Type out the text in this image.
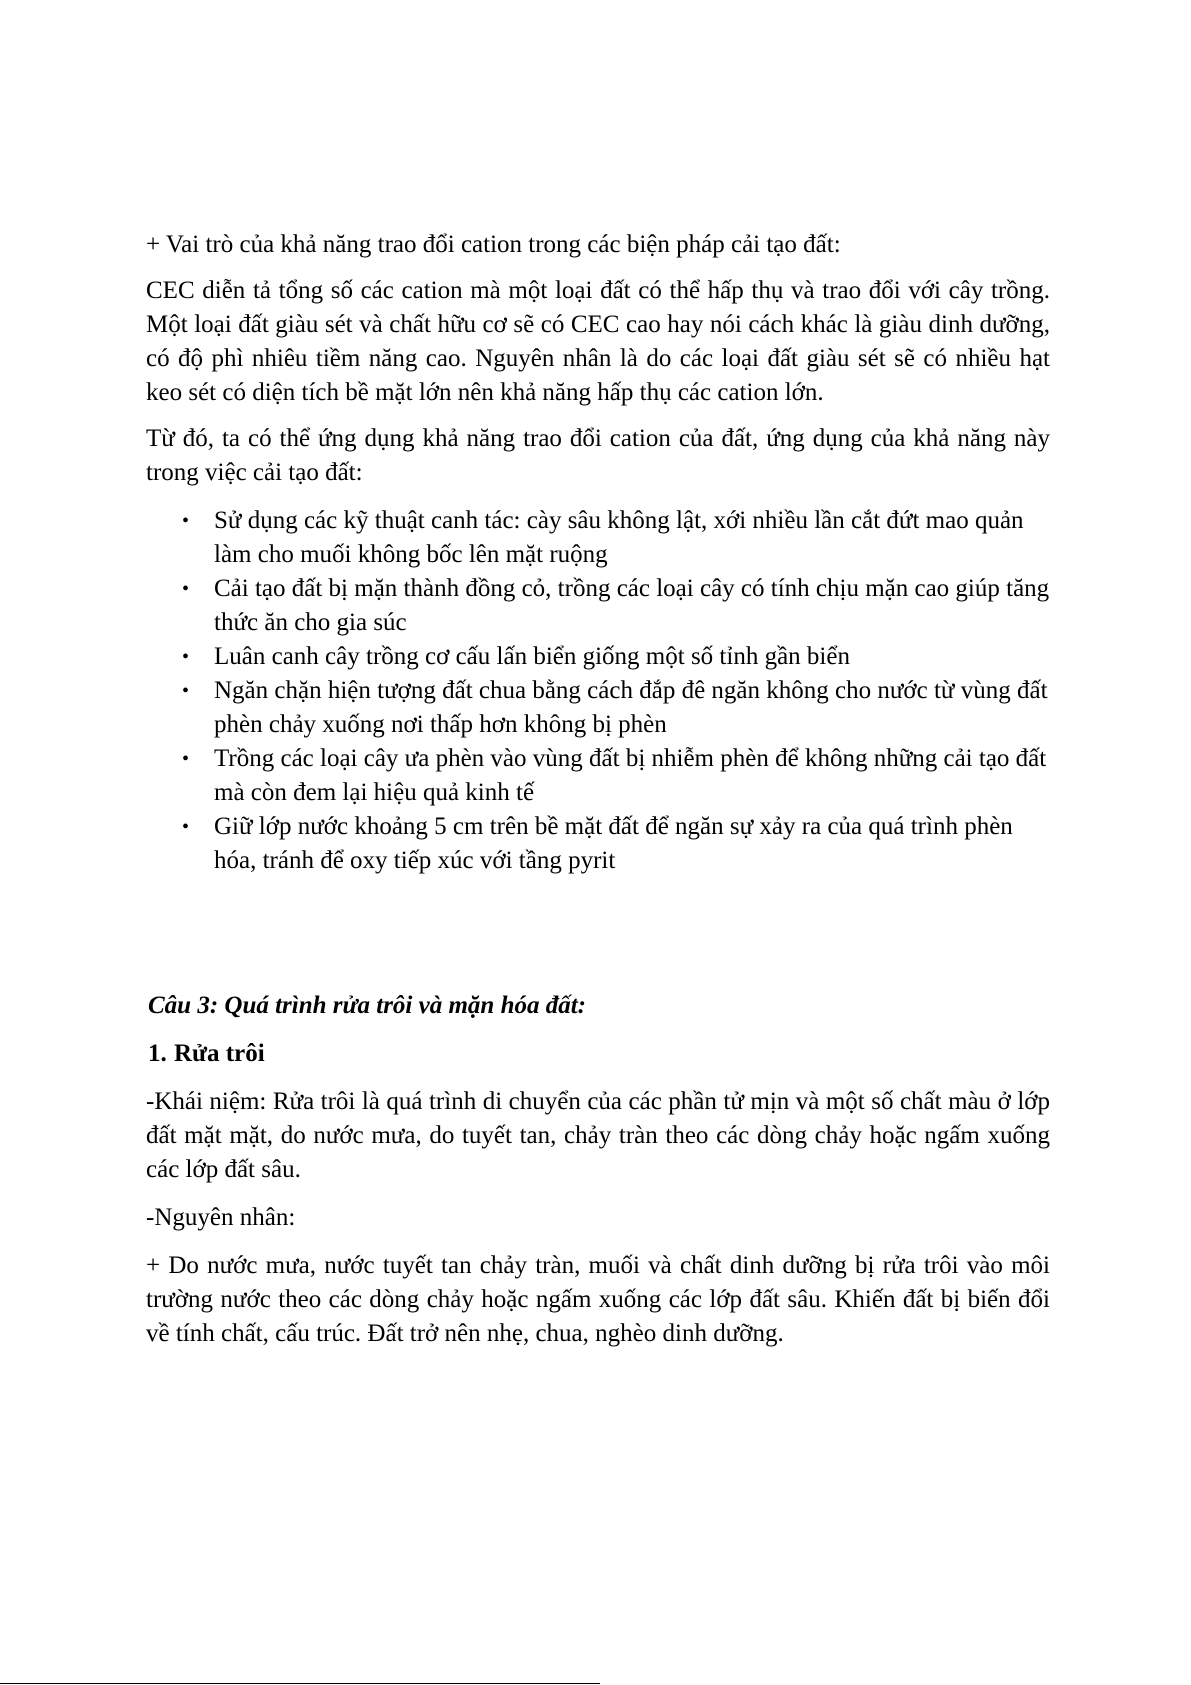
+ Vai trò của khả năng trao đổi cation trong các biện pháp cải tạo đất:

CEC diễn tả tổng số các cation mà một loại đất có thể hấp thụ và trao đổi với cây trồng. Một loại đất giàu sét và chất hữu cơ sẽ có CEC cao hay nói cách khác là giàu dinh dưỡng, có độ phì nhiêu tiềm năng cao. Nguyên nhân là do các loại đất giàu sét sẽ có nhiều hạt keo sét có diện tích bề mặt lớn nên khả năng hấp thụ các cation lớn.

Từ đó, ta có thể ứng dụng khả năng trao đổi cation của đất, ứng dụng của khả năng này trong việc cải tạo đất:

• Sử dụng các kỹ thuật canh tác: cày sâu không lật, xới nhiều lần cắt đứt mao quản làm cho muối không bốc lên mặt ruộng
• Cải tạo đất bị mặn thành đồng cỏ, trồng các loại cây có tính chịu mặn cao giúp tăng thức ăn cho gia súc
• Luân canh cây trồng cơ cấu lấn biển giống một số tỉnh gần biển
• Ngăn chặn hiện tượng đất chua bằng cách đắp đê ngăn không cho nước từ vùng đất phèn chảy xuống nơi thấp hơn không bị phèn
• Trồng các loại cây ưa phèn vào vùng đất bị nhiễm phèn để không những cải tạo đất mà còn đem lại hiệu quả kinh tế
• Giữ lớp nước khoảng 5 cm trên bề mặt đất để ngăn sự xảy ra của quá trình phèn hóa, tránh để oxy tiếp xúc với tầng pyrit

Câu 3: Quá trình rửa trôi và mặn hóa đất:

1. Rửa trôi

-Khái niệm: Rửa trôi là quá trình di chuyển của các phần tử mịn và một số chất màu ở lớp đất mặt mặt, do nước mưa, do tuyết tan, chảy tràn theo các dòng chảy hoặc ngấm xuống các lớp đất sâu.

-Nguyên nhân:

+ Do nước mưa, nước tuyết tan chảy tràn, muối và chất dinh dưỡng bị rửa trôi vào môi trường nước theo các dòng chảy hoặc ngấm xuống các lớp đất sâu. Khiến đất bị biến đổi về tính chất, cấu trúc. Đất trở nên nhẹ, chua, nghèo dinh dưỡng.
